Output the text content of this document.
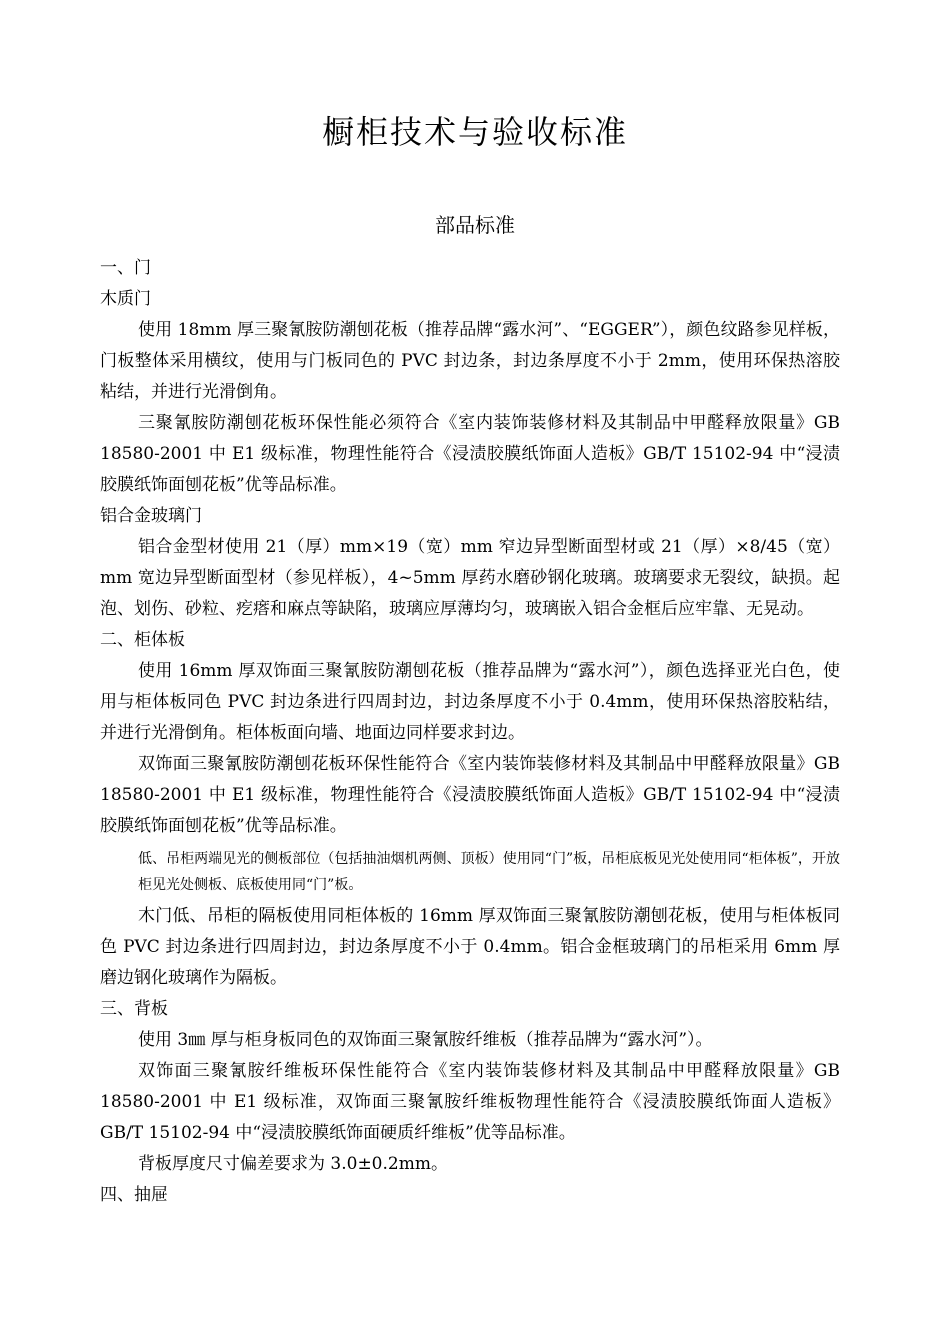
橱柜技术与验收标准
部品标准

一、门

木质门

使用 18mm 厚三聚氰胺防潮刨花板（推荐品牌“露水河”、“EGGER”），颜色纹路参见样板，门板整体采用横纹，使用与门板同色的 PVC 封边条，封边条厚度不小于 2mm，使用环保热溶胶粘结，并进行光滑倒角。

三聚氰胺防潮刨花板环保性能必须符合《室内装饰装修材料及其制品中甲醛释放限量》GB 18580-2001 中 E1 级标准，物理性能符合《浸渍胶膜纸饰面人造板》GB/T 15102-94 中“浸渍胶膜纸饰面刨花板”优等品标准。

铝合金玻璃门

铝合金型材使用 21（厚）mm×19（宽）mm 窄边异型断面型材或 21（厚）×8/45（宽）mm 宽边异型断面型材（参见样板），4~5mm 厚药水磨砂钢化玻璃。玻璃要求无裂纹，缺损。起泡、划伤、砂粒、疙瘩和麻点等缺陷，玻璃应厚薄均匀，玻璃嵌入铝合金框后应牢靠、无晃动。

二、柜体板

使用 16mm 厚双饰面三聚氰胺防潮刨花板（推荐品牌为“露水河”），颜色选择亚光白色，使用与柜体板同色 PVC 封边条进行四周封边，封边条厚度不小于 0.4mm，使用环保热溶胶粘结，并进行光滑倒角。柜体板面向墙、地面边同样要求封边。

双饰面三聚氰胺防潮刨花板环保性能符合《室内装饰装修材料及其制品中甲醛释放限量》GB 18580-2001 中 E1 级标准，物理性能符合《浸渍胶膜纸饰面人造板》GB/T 15102-94 中“浸渍胶膜纸饰面刨花板”优等品标准。

低、吊柜两端见光的侧板部位（包括抽油烟机两侧、顶板）使用同“门”板，吊柜底板见光处使用同“柜体板”，开放柜见光处侧板、底板使用同“门”板。

木门低、吊柜的隔板使用同柜体板的 16mm 厚双饰面三聚氰胺防潮刨花板，使用与柜体板同色 PVC 封边条进行四周封边，封边条厚度不小于 0.4mm。铝合金框玻璃门的吊柜采用 6mm 厚磨边钢化玻璃作为隔板。

三、背板

使用 3㎜ 厚与柜身板同色的双饰面三聚氰胺纤维板（推荐品牌为“露水河”）。

双饰面三聚氰胺纤维板环保性能符合《室内装饰装修材料及其制品中甲醛释放限量》GB 18580-2001 中 E1 级标准，双饰面三聚氰胺纤维板物理性能符合《浸渍胶膜纸饰面人造板》GB/T 15102-94 中“浸渍胶膜纸饰面硬质纤维板”优等品标准。

背板厚度尺寸偏差要求为 3.0±0.2mm。

四、抽屉
